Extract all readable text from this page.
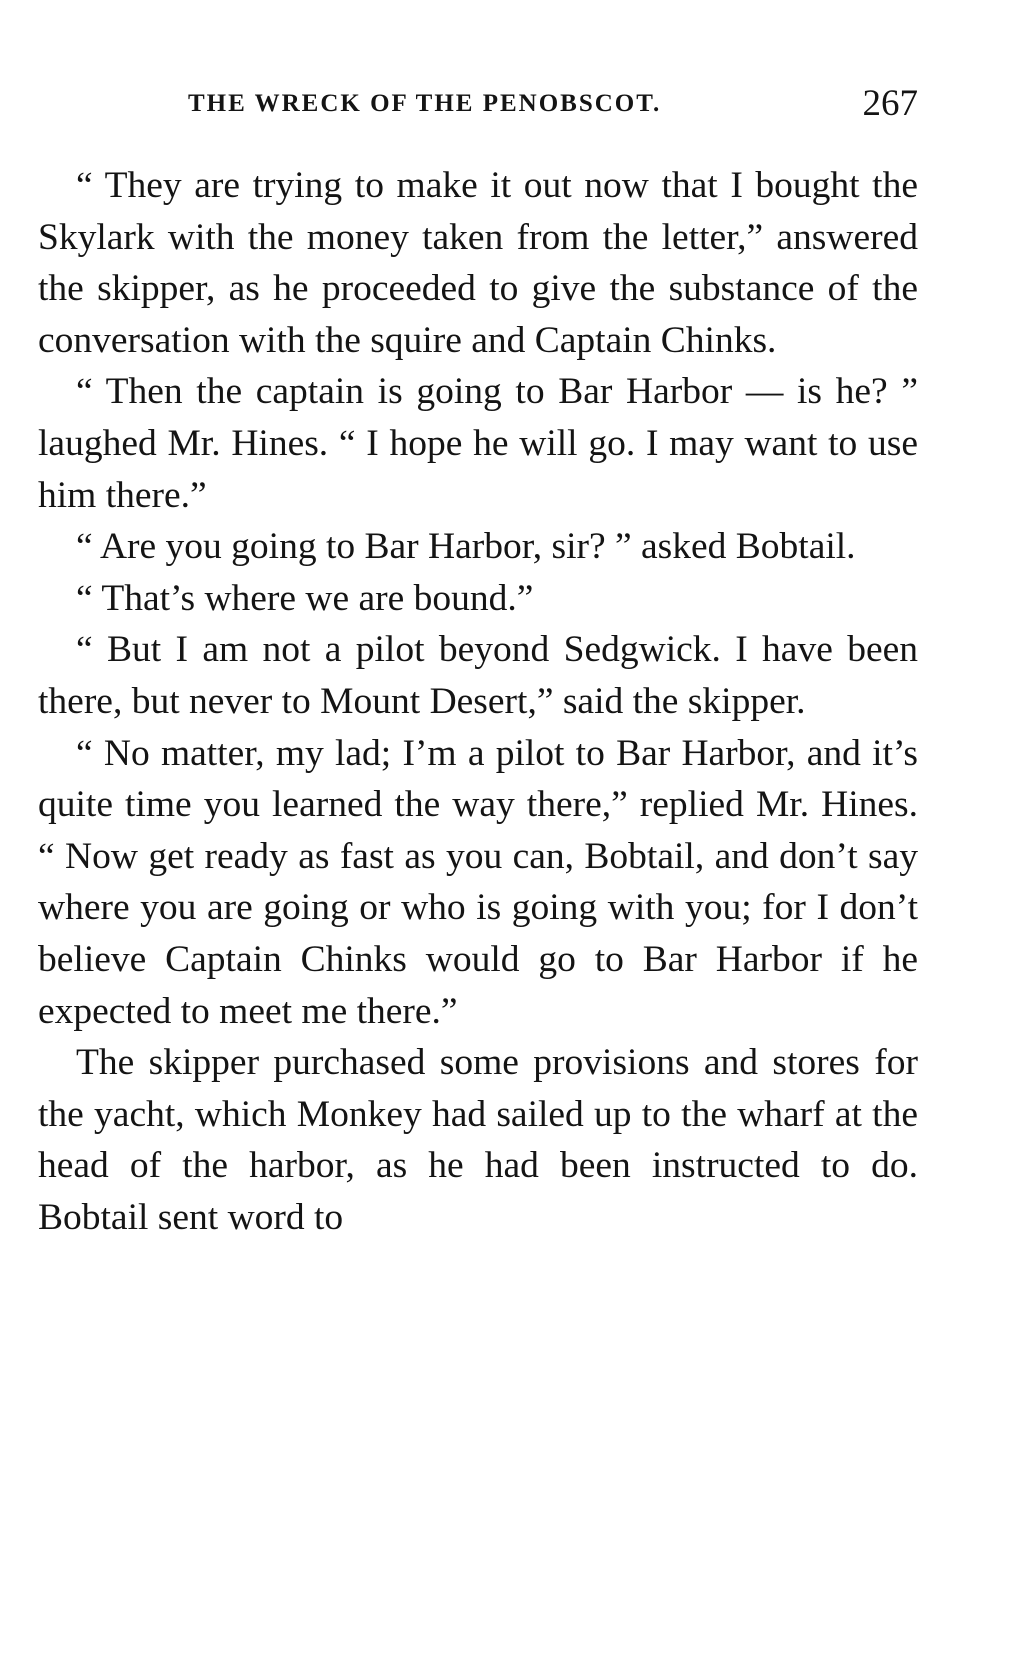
THE WRECK OF THE PENOBSCOT.	267

“ They are trying to make it out now that I bought the Skylark with the money taken from the letter,” answered the skipper, as he proceeded to give the substance of the conversation with the squire and Captain Chinks.

“ Then the captain is going to Bar Harbor — is he? ” laughed Mr. Hines. “ I hope he will go. I may want to use him there.”

“ Are you going to Bar Harbor, sir? ” asked Bobtail.

“ That’s where we are bound.”

“ But I am not a pilot beyond Sedgwick. I have been there, but never to Mount Desert,” said the skipper.

“ No matter, my lad; I’m a pilot to Bar Harbor, and it’s quite time you learned the way there,” replied Mr. Hines. “ Now get ready as fast as you can, Bobtail, and don’t say where you are going or who is going with you; for I don’t believe Captain Chinks would go to Bar Harbor if he expected to meet me there.”

The skipper purchased some provisions and stores for the yacht, which Monkey had sailed up to the wharf at the head of the harbor, as he had been instructed to do. Bobtail sent word to
